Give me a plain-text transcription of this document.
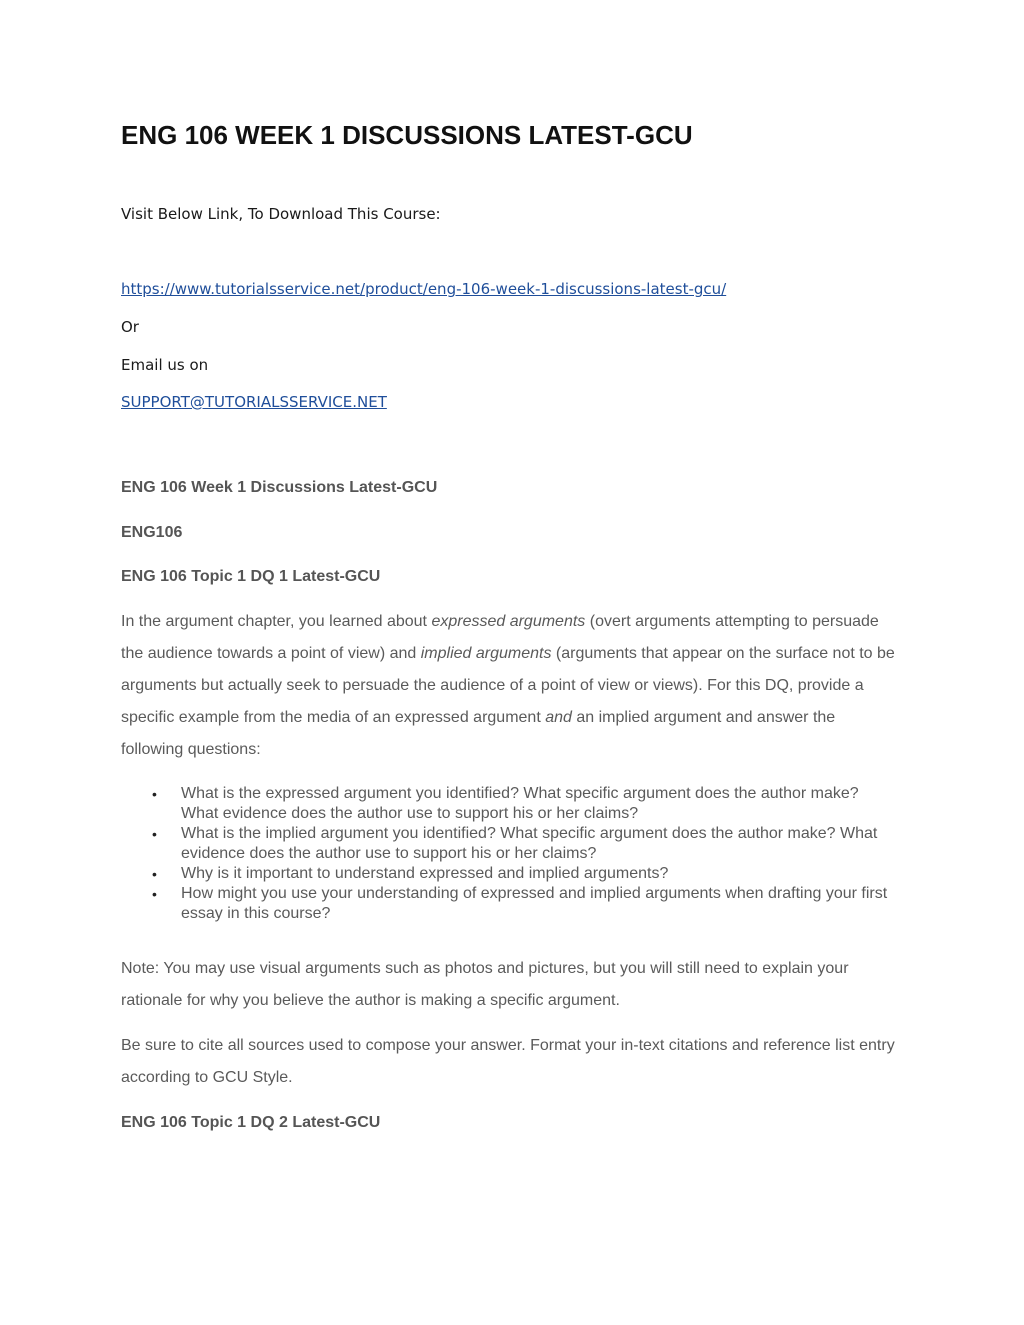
ENG 106 WEEK 1 DISCUSSIONS LATEST-GCU

Visit Below Link, To Download This Course:

https://www.tutorialsservice.net/product/eng-106-week-1-discussions-latest-gcu/

Or

Email us on

SUPPORT@TUTORIALSSERVICE.NET

ENG 106 Week 1 Discussions Latest-GCU

ENG106

ENG 106 Topic 1 DQ 1 Latest-GCU

In the argument chapter, you learned about expressed arguments (overt arguments attempting to persuade the audience towards a point of view) and implied arguments (arguments that appear on the surface not to be arguments but actually seek to persuade the audience of a point of view or views). For this DQ, provide a specific example from the media of an expressed argument and an implied argument and answer the following questions:

• What is the expressed argument you identified? What specific argument does the author make? What evidence does the author use to support his or her claims?
• What is the implied argument you identified? What specific argument does the author make? What evidence does the author use to support his or her claims?
• Why is it important to understand expressed and implied arguments?
• How might you use your understanding of expressed and implied arguments when drafting your first essay in this course?

Note: You may use visual arguments such as photos and pictures, but you will still need to explain your rationale for why you believe the author is making a specific argument.

Be sure to cite all sources used to compose your answer. Format your in-text citations and reference list entry according to GCU Style.

ENG 106 Topic 1 DQ 2 Latest-GCU
